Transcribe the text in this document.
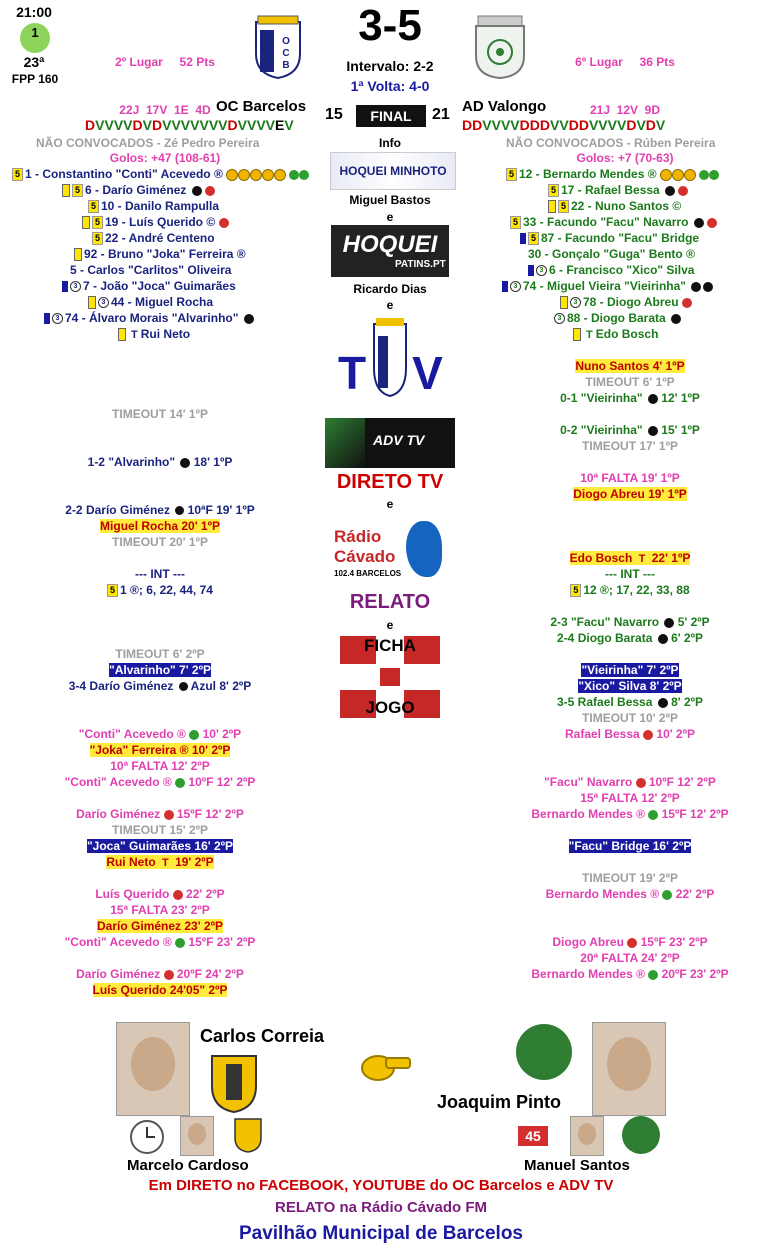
21:00
1
23ª
FPP 160

2º Lugar     52 Pts

22J  17V  1E  4D

Golos: +47 (108-61)

O
C
B
3-5
Intervalo: 2-2
1ª Volta: 4-0

6º Lugar     36 Pts

21J  12V  9D

Golos: +7 (70-63)

OC Barcelos	AD Valongo
DVVVVDVDVVVVVVVDVVVVEV	DDVVVVDDDVVDDVVVVDVDV
15	FINAL	21
NÃO CONVOCADOS - Zé Pedro Pereira	NÃO CONVOCADOS - Rúben Pereira
Info
HOQUEI MINHOTO
Miguel Bastos
e
HOQUEI
PATINS.PT
Ricardo Dias
e
TV
ADV TV
DIRETO TV
e
Rádio
Cávado
102.4 BARCELOS
RELATO
e
FICHA
JOGO
5 1 - Constantino "Conti" Acevedo ®
5 6 - Darío Giménez
5 10 - Danilo Rampulla
5 19 - Luís Querido ©
5 22 - André Centeno
92 - Bruno "Joka" Ferreira ®
5 - Carlos "Carlitos" Oliveira
3 7 - João "Joca" Guimarães
3 44 - Miguel Rocha
3 74 - Álvaro Morais "Alvarinho"
T Rui Neto
5 12 - Bernardo Mendes ®
5 17 - Rafael Bessa
5 22 - Nuno Santos ©
5 33 - Facundo "Facu" Navarro
5 87 - Facundo "Facu" Bridge
30 - Gonçalo "Guga" Bento ®
3 6 - Francisco "Xico" Silva
3 74 - Miguel Vieira "Vieirinha"
3 78 - Diogo Abreu
3 88 - Diogo Barata
T Edo Bosch
TIMEOUT 14' 1ºP
1-2 "Alvarinho" 18' 1ºP
2-2 Darío Giménez 10ªF 19' 1ºP
Miguel Rocha 20' 1ºP
TIMEOUT 20' 1ºP
--- INT ---
5 1 ®; 6, 22, 44, 74
TIMEOUT 6' 2ºP
"Alvarinho" 7' 2ºP
3-4 Darío Giménez Azul 8' 2ºP
"Conti" Acevedo ® 10' 2ºP
"Joka" Ferreira ® 10' 2ºP
10ª FALTA 12' 2ºP
"Conti" Acevedo ® 10ºF 12' 2ºP
Darío Giménez 15ºF 12' 2ºP
TIMEOUT 15' 2ºP
"Joca" Guimarães 16' 2ºP
Rui Neto T 19' 2ºP
Luís Querido 22' 2ºP
15ª FALTA 23' 2ºP
Darío Giménez 23' 2ºP
"Conti" Acevedo ® 15ºF 23' 2ºP
Darío Giménez 20ºF 24' 2ºP
Luís Querido 24'05" 2ºP
Nuno Santos 4' 1ºP
TIMEOUT 6' 1ºP
0-1 "Vieirinha" 12' 1ºP
0-2 "Vieirinha" 15' 1ºP
TIMEOUT 17' 1ºP
10ª FALTA 19' 1ºP
Diogo Abreu 19' 1ºP
Edo Bosch T 22' 1ºP
--- INT ---
5 12 ®; 17, 22, 33, 88
2-3 "Facu" Navarro 5' 2ºP
2-4 Diogo Barata 6' 2ºP
"Vieirinha" 7' 2ºP
"Xico" Silva 8' 2ºP
3-5 Rafael Bessa 8' 2ºP
TIMEOUT 10' 2ºP
Rafael Bessa 10' 2ºP
"Facu" Navarro 10ºF 12' 2ºP
15ª FALTA 12' 2ºP
Bernardo Mendes ® 15ºF 12' 2ºP
"Facu" Bridge 16' 2ºP
TIMEOUT 19' 2ºP
Bernardo Mendes ® 22' 2ºP
Diogo Abreu 15ºF 23' 2ºP
20ª FALTA 24' 2ºP
Bernardo Mendes ® 20ºF 23' 2ºP
Carlos Correia
Joaquim Pinto
45
Marcelo Cardoso	Manuel Santos
Em DIRETO no FACEBOOK, YOUTUBE do OC Barcelos e ADV TV
RELATO na Rádio Cávado FM
Pavilhão Municipal de Barcelos
